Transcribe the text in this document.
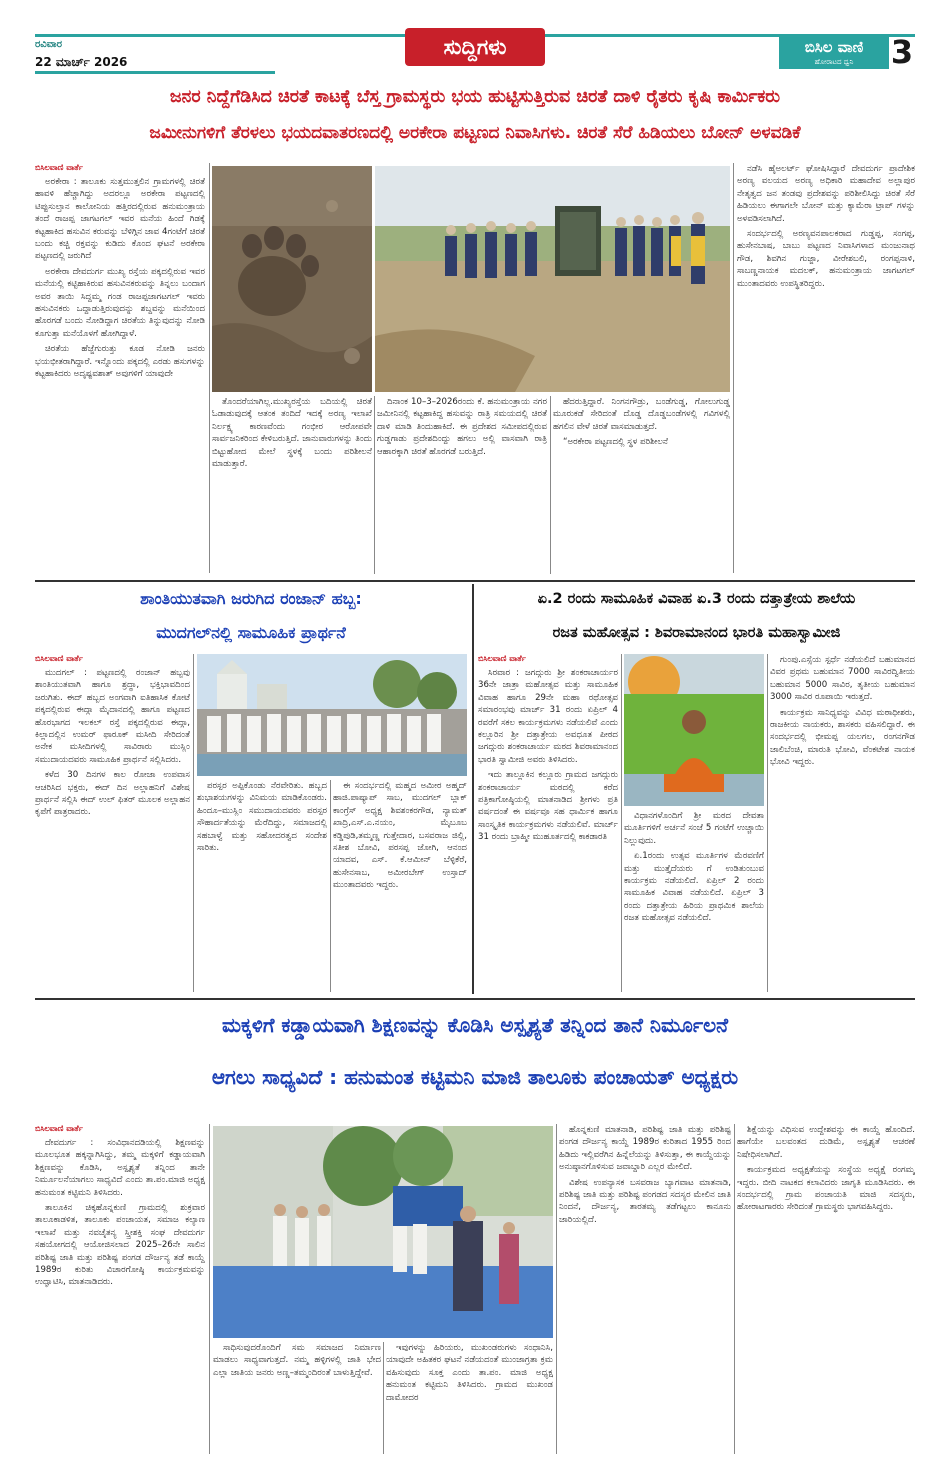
ರವಿವಾರ
22 ಮಾರ್ಚ್ 2026
ಸುದ್ದಿಗಳು	ಬಿಸಿಲ ವಾಣಿ
ಹೋರಾಟದ ಧ್ವನಿ	3
ಜನರ ನಿದ್ದೆಗೆಡಿಸಿದ ಚಿರತೆ ಕಾಟಕ್ಕೆ ಬೆಸ್ತ ಗ್ರಾಮಸ್ಥರು ಭಯ ಹುಟ್ಟಿಸುತ್ತಿರುವ ಚಿರತೆ ದಾಳಿ ರೈತರು ಕೃಷಿ ಕಾರ್ಮಿಕರು
ಜಮೀನುಗಳಿಗೆ ತೆರಳಲು ಭಯದವಾತರಣದಲ್ಲಿ ಅರಕೇರಾ ಪಟ್ಟಣದ ನಿವಾಸಿಗಳು. ಚಿರತೆ ಸೆರೆ ಹಿಡಿಯಲು ಬೋನ್ ಅಳವಡಿಕೆ
ಬಿಸಿಲವಾಣಿ ವಾರ್ತೆ

ಅರಕೇರಾ : ತಾಲೂಕು ಸುತ್ತಮುತ್ತಲಿನ ಗ್ರಾಮಗಳಲ್ಲಿ ಚಿರತೆ ಹಾವಳಿ ಹೆಚ್ಚಾಗಿದ್ದು ಅದರಲ್ಲೂ ಅರಕೇರಾ ಪಟ್ಟಣದಲ್ಲಿ ಟಿಪ್ಪುಸುಲ್ತಾನ ಕಾಲೋನಿಯ ಹತ್ತಿರದಲ್ಲಿರುವ ಹನುಮಂತ್ರಾಯ ತಂದೆ ರಾಜಪ್ಪ ಜಾಗಟಗಲ್ ಇವರ ಮನೆಯ ಹಿಂದೆ ಗಿಡಕ್ಕೆ ಕಟ್ಟಹಾಕಿದ ಹಸುವಿನ ಕರುವನ್ನು ಬೆಳಿಗ್ಗಿನ ಜಾವ 4ಗಂಟೆಗೆ ಚಿರತೆ ಬಂದು ಕಚ್ಚಿ ರಕ್ತವನ್ನು ಕುಡಿದು ಕೊಂದ ಘಟನೆ ಅರಕೇರಾ ಪಟ್ಟಣದಲ್ಲಿ ಜರುಗಿದೆ

ಅರಕೇರಾ ದೇವದುರ್ಗ ಮುಖ್ಯ ರಸ್ತೆಯ ಪಕ್ಕದಲ್ಲಿರುವ ಇವರ ಮನೆಯಲ್ಲಿ ಕಟ್ಟಿಹಾಕಿರುವ ಹಸುವಿನಕರುವನ್ನು ತಿನ್ನಲು ಬಂದಾಗ ಅವರ ತಾಯಿ ಸಿದ್ದಮ್ಮ ಗಂಡ ರಾಜಪ್ಪಜಾಗಟಗಲ್ ಇವರು ಹಸುವಿನಕರು ಒದ್ದಾಡುತ್ತಿರುವುದನ್ನು ಶಬ್ದವನ್ನು ಮನೆಯಿಂದ ಹೊರಗಡೆ ಬಂದು ನೋಡಿದ್ದಾಗ ಚಿರತೆಯ ತಿನ್ನುವುದನ್ನು ನೋಡಿ ಕೂಗುತ್ತಾ ಮನೆಯೊಳಗೆ ಹೋಗಿದ್ದಾಳೆ.

ಚಿರತೆಯ ಹೆಜ್ಜೆಗುರುತ್ತು ಕೂಡ ನೋಡಿ ಜನರು ಭಯಭೀತರಾಗಿದ್ದಾರೆ. ಇನ್ನೊಂದು ಪಕ್ಕದಲ್ಲಿ ಎರಡು ಹಸುಗಳನ್ನು ಕಟ್ಟಹಾಕಿದರು ಅದೃಷ್ಟವಶಾತ್ ಅವುಗಳಿಗೆ ಯಾವುದೇ

ತೊಂದರೆಯಾಗಿಲ್ಲ.ಮುಖ್ಯರಸ್ತೆಯ ಬದಿಯಲ್ಲಿ ಚಿರತೆ ಓಡಾಡುವುದಕ್ಕೆ ಆತಂಕ ತಂದಿದೆ ಇದಕ್ಕೆ ಅರಣ್ಯ ಇಲಾಖೆ ನಿರ್ಲಕ್ಷ್ಯ ಕಾರಣವೆಂದು ಗಂಭೀರ ಆರೋಪವೇ ಸಾರ್ವಜನಿಕರಿಂದ ಕೇಳಿಬರುತ್ತಿದೆ. ಜಾನುವಾರುಗಳನ್ನು ತಿಂದು ಬಿಟ್ಟುಹೋದ ಮೇಲೆ ಸ್ಥಳಕ್ಕೆ ಬಂದು ಪರಿಶೀಲನೆ ಮಾಡುತ್ತಾರೆ.

ದಿನಾಂಕ 10–3–2026ರಂದು ಕೆ. ಹನುಮಂತ್ರಾಯ ನಗರ ಜಮೀನಿನಲ್ಲಿ ಕಟ್ಟಹಾಕಿದ್ದ ಹಸುವನ್ನು ರಾತ್ರಿ ಸಮಯದಲ್ಲಿ ಚಿರತೆ ದಾಳಿ ಮಾಡಿ ತಿಂದುಹಾಕಿದೆ. ಈ ಪ್ರದೇಶದ ಸಮೀಪದಲ್ಲಿರುವ ಗುಡ್ಡಗಾಡು ಪ್ರದೇಶದಿಂದ್ದು ಹಗಲು ಅಲ್ಲಿ ವಾಸವಾಗಿ ರಾತ್ರಿ ಆಹಾರಕ್ಕಾಗಿ ಚಿರತೆ ಹೊರಗಡೆ ಬರುತ್ತಿದೆ.

ಹೆದರುತ್ತಿದ್ದಾರೆ. ನಿಂಗನಗೌಡ್ರು, ಬಂಡೆಗುಡ್ಡ, ಗೋಲುಗುಡ್ಡ ಮೂರುಕಡೆ ಸೇರಿದಂತೆ ದೊಡ್ಡ ದೊಡ್ಡಬಂಡೆಗಳಲ್ಲಿ ಗವಿಗಳಲ್ಲಿ ಹಗಲಿನ ವೇಳೆ ಚಿರತೆ ವಾಸಮಾಡುತ್ತದೆ.

“ಅರಕೇರಾ ಪಟ್ಟಣದಲ್ಲಿ ಸ್ಥಳ ಪರಿಶೀಲನೆ

ನಡೆಸಿ ಹೈಅಲರ್ಟ್ ಘೋಷಿಸಿದ್ದಾರೆ ದೇವದುರ್ಗ ಪ್ರಾದೇಶಿಕ ಅರಣ್ಯ ವಲಯದ ಅರಣ್ಯ ಅಧಿಕಾರಿ ಮಹಾದೇವ ಅಲ್ಲಾಪುರ ನೇತೃತ್ವದ ಜನ ತಂಡವು ಪ್ರದೇಶವನ್ನು ಪರಿಶೀಲಿಸಿದ್ದು ಚಿರತೆ ಸೆರೆ ಹಿಡಿಯಲು ಈಗಾಗಲೇ ಬೋನ್ ಮತ್ತು ಕ್ಯಾಮೆರಾ ಟ್ರಾಪ್ ಗಳನ್ನು ಅಳವಡಿಸಲಾಗಿದೆ.

ಸಂದರ್ಭದಲ್ಲಿ ಅರಣ್ಯವನಪಾಲಕರಾದ ಗುಡ್ಡಪ್ಪ, ಸಂಗಪ್ಪ, ಹುಸೇನಬಾಷ, ಬಾಬು ಪಟ್ಟಣದ ನಿವಾಸಿಗಳಾದ ಮಂಜುನಾಥ ಗೌಡ, ಶಿವಗಿನ ಗುಜ್ಜಾ, ವೀರೇಶಬಲಿ, ರಂಗಪ್ಪನಾಳಿ, ಸಾಬಣ್ಣನಾಯಕ ಮದಲಕ್, ಹನುಮಂತ್ರಾಯ ಜಾಗಟಗಲ್ ಮುಂತಾದವರು ಉಪಸ್ಥಿತರಿದ್ದರು.

ಶಾಂತಿಯುತವಾಗಿ ಜರುಗಿದ ರಂಜಾನ್ ಹಬ್ಬ:
ಮುದಗಲ್‌ನಲ್ಲಿ ಸಾಮೂಹಿಕ ಪ್ರಾರ್ಥನೆ
ಬಿಸಿಲವಾಣಿ ವಾರ್ತೆ

ಮುದಗಲ್ : ಪಟ್ಟಣದಲ್ಲಿ ರಂಜಾನ್ ಹಬ್ಬವು ಶಾಂತಿಯುತವಾಗಿ ಹಾಗೂ ಶ್ರದ್ಧಾ, ಭಕ್ತಿಭಾವದಿಂದ ಜರುಗಿತು. ಈದ್ ಹಬ್ಬದ ಅಂಗವಾಗಿ ಐತಿಹಾಸಿಕ ಕೋಟೆ ಪಕ್ಕದಲ್ಲಿರುವ ಈದ್ಗಾ ಮೈದಾನದಲ್ಲಿ ಹಾಗೂ ಪಟ್ಟಣದ ಹೊರಭಾಗದ ಇಲಕಲ್ ರಸ್ತೆ ಪಕ್ಕದಲ್ಲಿರುವ ಈದ್ಗಾ, ಕಿಲ್ಲಾದಲ್ಲಿನ ಉಮರ್ ಫಾರೂಕ್ ಮಸೀದಿ ಸೇರಿದಂತೆ ಅನೇಕ ಮಸೀದಿಗಳಲ್ಲಿ ಸಾವಿರಾರು ಮುಸ್ಲಿಂ ಸಮುದಾಯದವರು ಸಾಮೂಹಿಕ ಪ್ರಾರ್ಥನೆ ಸಲ್ಲಿಸಿದರು.

ಕಳೆದ 30 ದಿನಗಳ ಕಾಲ ರೋಜಾ ಉಪವಾಸ ಆಚರಿಸಿದ ಭಕ್ತರು, ಈದ್ ದಿನ ಅಲ್ಲಾಹನಿಗೆ ವಿಶೇಷ ಪ್ರಾರ್ಥನೆ ಸಲ್ಲಿಸಿ ಈದ್ ಉಲ್ ಫಿತರ್ ಮೂಲಕ ಅಲ್ಲಾಹನ ಕೃಪೆಗೆ ಪಾತ್ರರಾದರು.

ಪರಸ್ಪರ ಅಪ್ಪಿಕೊಂಡು ನೆರವೇರಿತು. ಹಬ್ಬದ ಶುಭಾಶಯಗಳನ್ನು ವಿನಿಮಯ ಮಾಡಿಕೊಂಡರು. ಹಿಂದೂ–ಮುಸ್ಲಿಂ ಸಮುದಾಯದವರು ಪರಸ್ಪರ ಸೌಹಾರ್ದತೆಯನ್ನು ಮೆರೆದಿದ್ದು, ಸಮಾಜದಲ್ಲಿ ಸಹಬಾಳ್ವೆ ಮತ್ತು ಸಹೋದರತ್ವದ ಸಂದೇಶ ಸಾರಿತು.

ಈ ಸಂದರ್ಭದಲ್ಲಿ ಮಹ್ಮದ ಅಮೀರ ಅಹ್ಮದ್ ಹಾಜಿ.ಪಾಷ್ಯಾಪ್ ಸಾಬ, ಮುದಗಲ್ ಬ್ಲಾಕ್ ಕಾಂಗ್ರೆಸ್ ಅಧ್ಯಕ್ಷ ಶಿವಶಂಕರಗೌಡ, ನ್ಯಾಮತ್ ಖಾದ್ರಿ,ಎಸ್.ಎ.ನಯಂ, ಮೈಬೂಬ ಕಡ್ಡಿಪುಡಿ,ತಮ್ಮಣ್ಣ ಗುತ್ತೇದಾರ, ಬಸವರಾಜ ಜಿಲ್ಲಿ, ಸತೀಶ ಬೋವಿ, ಪರಸಪ್ಪ ಜೋಗಿ, ಆನಂದ ಯಾದವ, ಎಸ್. ಕೆ.ಆಮೀನ್ ಬೆಳ್ಳಿಕೆರೆ, ಹುಸೇನಸಾಬ, ಅಮೀರಬೇಗ್ ಉಸ್ತಾದ್ ಮುಂತಾದವರು ಇದ್ದರು.

ಏ.2 ರಂದು ಸಾಮೂಹಿಕ ವಿವಾಹ ಏ.3 ರಂದು ದತ್ತಾತ್ರೇಯ ಶಾಲೆಯ
ರಜತ ಮಹೋತ್ಸವ : ಶಿವರಾಮಾನಂದ ಭಾರತಿ ಮಹಾಸ್ವಾಮೀಜಿ
ಬಿಸಿಲವಾಣಿ ವಾರ್ತೆ

ಸಿರವಾರ : ಜಗದ್ಗುರು ಶ್ರೀ ಶಂಕರಾಚಾರ್ಯರ 36ನೇ ಜಾತ್ರಾ ಮಹೋತ್ಸವ ಮತ್ತು ಸಾಮೂಹಿಕ ವಿವಾಹ ಹಾಗೂ 29ನೇ ಮಹಾ ರಥೋತ್ಸವ ಸಮಾರಂಭವು ಮಾರ್ಚ್ 31 ರಂದು ಏಪ್ರಿಲ್ 4 ರವರೆಗೆ ಸಕಲ ಕಾರ್ಯಕ್ರಮಗಳು ನಡೆಯಲಿವೆ ಎಂದು ಕಲ್ಲೂರಿನ ಶ್ರೀ ದತ್ತಾತ್ರೇಯ ಅವಧೂತ ಪೀಠದ ಜಗದ್ಗುರು ಶಂಕರಾಚಾರ್ಯ ಮಠದ ಶಿವರಾಮಾನಂದ ಭಾರತಿ ಸ್ವಾಮೀಜಿ ಅವರು ತಿಳಿಸಿದರು.

ಇದು ತಾಲ್ಲೂಕಿನ ಕಲ್ಲೂರು ಗ್ರಾಮದ ಜಗದ್ಗುರು ಶಂಕರಾಚಾರ್ಯ ಮಠದಲ್ಲಿ ಕರೆದ ಪತ್ರಿಕಾಗೋಷ್ಠಿಯಲ್ಲಿ ಮಾತನಾಡಿದ ಶ್ರೀಗಳು ಪ್ರತಿ ವರ್ಷದಂತೆ ಈ ವರ್ಷವೂ ಸಹ ಧಾರ್ಮಿಕ ಹಾಗೂ ಸಾಂಸ್ಕೃತಿಕ ಕಾರ್ಯಕ್ರಮಗಳು ನಡೆಯಲಿವೆ. ಮಾರ್ಚ್ 31 ರಂದು ಬ್ರಾಹ್ಮೀ ಮುಹೂರ್ತದಲ್ಲಿ ಕಾಕಡಾರತಿ

ವಿಧಾನಗಳೊಂದಿಗೆ ಶ್ರೀ ಮಠದ ದೇವತಾ ಮೂರ್ತಿಗಳಿಗೆ ಅರ್ಚನೆ ಸಂಜೆ 5 ಗಂಟೆಗೆ ಉಚ್ಚಾಯಿ ನಿಲ್ಲುವುದು.

ಏ.1ರಂದು ಉತ್ಸವ ಮೂರ್ತಿಗಳ ಮೆರವಣಿಗೆ ಮತ್ತು ಮುತ್ತೈದೆಯರು ಗೆ ಉಡಿತುಂಬುವ ಕಾರ್ಯಕ್ರಮ ನಡೆಯಲಿದೆ. ಏಪ್ರಿಲ್ 2 ರಂದು ಸಾಮೂಹಿಕ ವಿವಾಹ ನಡೆಯಲಿದೆ. ಏಪ್ರಿಲ್ 3 ರಂದು ದತ್ತಾತ್ರೇಯ ಹಿರಿಯ ಪ್ರಾಥಮಿಕ ಶಾಲೆಯ ರಜತ ಮಹೋತ್ಸವ ನಡೆಯಲಿದೆ.

ಗುಂಪು.ಎಸ್ಸೆಯ ಸ್ಪರ್ಧೆ ನಡೆಯಲಿದೆ ಬಹುಮಾನದ ವಿವರ ಪ್ರಥಮ ಬಹುಮಾನ 7000 ಸಾವಿರದ್ವಿತೀಯ ಬಹುಮಾನ 5000 ಸಾವಿರ, ತೃತೀಯ ಬಹುಮಾನ 3000 ಸಾವಿರ ರೂಪಾಯಿ ಇರುತ್ತದೆ.

ಕಾರ್ಯಕ್ರಮ ಸಾನಿಧ್ಯವನ್ನು ವಿವಿಧ ಮಠಾಧೀಶರು, ರಾಜಕೀಯ ನಾಯಕರು, ಶಾಸಕರು ವಹಿಸಲಿದ್ದಾರೆ. ಈ ಸಂದರ್ಭದಲ್ಲಿ ಭೀಮಪ್ಪ ಯಲಗಲ, ರಂಗನಗೌಡ ಜಾಲಿಬೆಂಚಿ, ಮಾರುತಿ ಭೋವಿ, ವೆಂಕಟೇಶ ನಾಯಕ ಭೋವಿ ಇದ್ದರು.

ಮಕ್ಕಳಿಗೆ ಕಡ್ಡಾಯವಾಗಿ ಶಿಕ್ಷಣವನ್ನು ಕೊಡಿಸಿ ಅಸ್ಪೃಶ್ಯತೆ ತನ್ನಿಂದ ತಾನೆ ನಿರ್ಮೂಲನೆ
ಆಗಲು ಸಾಧ್ಯವಿದೆ : ಹನುಮಂತ ಕಟ್ಟಿಮನಿ ಮಾಜಿ ತಾಲೂಕು ಪಂಚಾಯತ್ ಅಧ್ಯಕ್ಷರು
ಬಿಸಿಲವಾಣಿ ವಾರ್ತೆ

ದೇವದುರ್ಗ : ಸಂವಿಧಾನದಡಿಯಲ್ಲಿ ಶಿಕ್ಷಣವನ್ನು ಮೂಲಭೂತ ಹಕ್ಕನ್ನಾಗಿಸಿದ್ದು, ತಮ್ಮ ಮಕ್ಕಳಿಗೆ ಕಡ್ಡಾಯವಾಗಿ ಶಿಕ್ಷಣವನ್ನು ಕೊಡಿಸಿ, ಅಸ್ಪೃಶ್ಯತೆ ತನ್ನಿಂದ ತಾನೇ ನಿರ್ಮೂಲನೆಯಾಗಲು ಸಾಧ್ಯವಿದೆ ಎಂದು ತಾ.ಪಂ.ಮಾಜಿ ಅಧ್ಯಕ್ಷ ಹನುಮಂತ ಕಟ್ಟಿಮನಿ ತಿಳಿಸಿದರು.

ತಾಲೂಕಿನ ಚಿಕ್ಕಹೊನ್ನಕುಣಿ ಗ್ರಾಮದಲ್ಲಿ ಶುಕ್ರವಾರ ತಾಲೂಕಾಡಳಿತ, ತಾಲೂಕು ಪಂಚಾಯತ, ಸಮಾಜ ಕಲ್ಯಾಣ ಇಲಾಖೆ ಮತ್ತು ನವಚೈತನ್ಯ ಸ್ತ್ರೀಶಕ್ತಿ ಸಂಘ ದೇವದುರ್ಗ ಸಹಯೋಗದಲ್ಲಿ ಆಯೋಜಿಸಲಾದ 2025–26ನೇ ಸಾಲಿನ ಪರಿಶಿಷ್ಟ ಜಾತಿ ಮತ್ತು ಪರಿಶಿಷ್ಟ ಪಂಗಡ ದೌರ್ಜನ್ಯ ತಡೆ ಕಾಯ್ದೆ 1989ರ ಕುರಿತು ವಿಚಾರಗೋಷ್ಠಿ ಕಾರ್ಯಕ್ರಮವನ್ನು ಉದ್ಘಾಟಿಸಿ, ಮಾತನಾಡಿದರು.

ಸಾಧಿಸುವುದರೊಂದಿಗೆ ಸಮ ಸಮಾಜದ ನಿರ್ಮಾಣ ಮಾಡಲು ಸಾಧ್ಯವಾಗುತ್ತದೆ. ನಮ್ಮ ಹಳ್ಳಿಗಳಲ್ಲಿ ಜಾತಿ ಭೇದ ಎಲ್ಲಾ ಜಾತಿಯ ಜನರು ಅಣ್ಣ–ತಮ್ಮಂದಿರಂತೆ ಬಾಳುತ್ತಿದ್ದೇವೆ.

ಇವುಗಳನ್ನು ಹಿರಿಯರು, ಮುಖಂಡರುಗಳು ಸಂಧಾನಿಸಿ, ಯಾವುದೇ ಅಹಿತಕರ ಘಟನೆ ನಡೆಯದಂತೆ ಮುಂಜಾಗ್ರತಾ ಕ್ರಮ ವಹಿಸುವುದು ಸೂಕ್ತ ಎಂದು ತಾ.ಪಂ. ಮಾಜಿ ಅಧ್ಯಕ್ಷ ಹನುಮಂತ ಕಟ್ಟಿಮನಿ ತಿಳಿಸಿದರು. ಗ್ರಾಮದ ಮುಖಂಡ ದಾಮೋದರ

ಹೊನ್ನಕುಣಿ ಮಾತನಾಡಿ, ಪರಿಶಿಷ್ಟ ಜಾತಿ ಮತ್ತು ಪರಿಶಿಷ್ಟ ಪಂಗಡ ದೌರ್ಜನ್ಯ ಕಾಯ್ದೆ 1989ರ ಕುರಿತಾದ 1955 ರಿಂದ ಹಿಡಿದು ಇಲ್ಲಿವರೆಗಿನ ಹಿನ್ನೆಲೆಯನ್ನು ತಿಳಿಸುತ್ತಾ, ಈ ಕಾಯ್ದೆಯನ್ನು ಅನುಷ್ಠಾನಗೊಳಿಸುವ ಜವಾಬ್ದಾರಿ ಎಲ್ಲರ ಮೇಲಿದೆ.

ವಿಶೇಷ ಉಪನ್ಯಾಸಕ ಬಸವರಾಜ ಬ್ಯಾಗವಾಟ ಮಾತನಾಡಿ, ಪರಿಶಿಷ್ಟ ಜಾತಿ ಮತ್ತು ಪರಿಶಿಷ್ಟ ಪಂಗಡದ ಸದಸ್ಯರ ಮೇಲಿನ ಜಾತಿ ನಿಂದನೆ, ದೌರ್ಜನ್ಯ, ತಾರತಮ್ಯ ತಡೆಗಟ್ಟಲು ಕಾನೂನು ಜಾರಿಯಲ್ಲಿದೆ.

ಶಿಕ್ಷೆಯನ್ನು ವಿಧಿಸುವ ಉದ್ದೇಶವನ್ನು ಈ ಕಾಯ್ದೆ ಹೊಂದಿದೆ. ಹಾಗೆಯೇ ಬಲವಂತದ ದುಡಿಮೆ, ಅಸ್ಪೃಶ್ಯತೆ ಆಚರಣೆ ನಿಷೇಧಿಸಲಾಗಿದೆ.

ಕಾರ್ಯಕ್ರಮದ ಅಧ್ಯಕ್ಷತೆಯನ್ನು ಸಂಸ್ಥೆಯ ಅಧ್ಯಕ್ಷೆ ರಂಗಮ್ಮ ಇದ್ದರು. ಬೀದಿ ನಾಟಕದ ಕಲಾವಿದರು ಜಾಗೃತಿ ಮೂಡಿಸಿದರು. ಈ ಸಂದರ್ಭದಲ್ಲಿ ಗ್ರಾಮ ಪಂಚಾಯತಿ ಮಾಜಿ ಸದಸ್ಯರು, ಹೋರಾಟಗಾರರು ಸೇರಿದಂತೆ ಗ್ರಾಮಸ್ಥರು ಭಾಗವಹಿಸಿದ್ದರು.
